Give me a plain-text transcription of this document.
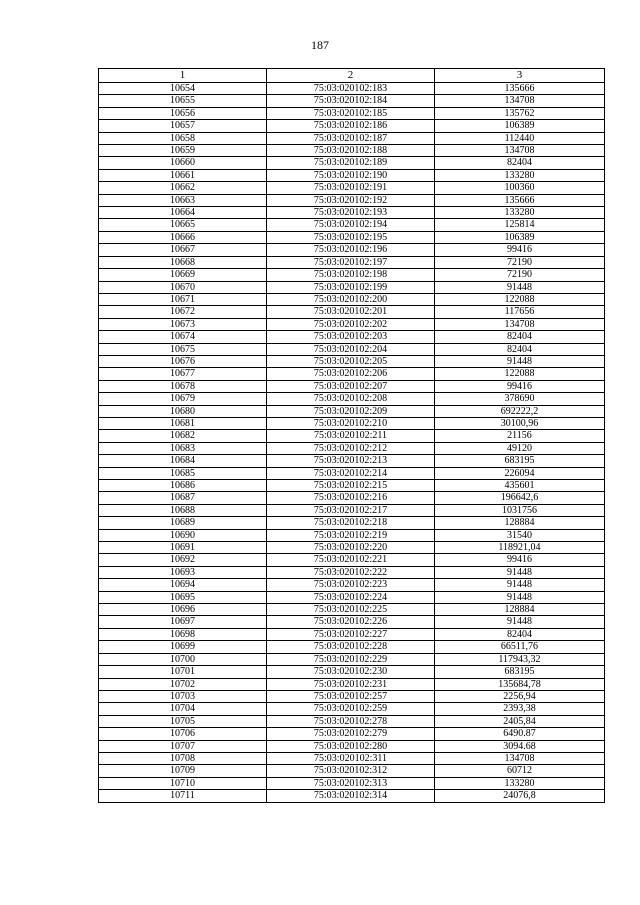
187
1	2	3
10654	75:03:020102:183	135666
10655	75:03:020102:184	134708
10656	75:03:020102:185	135762
10657	75:03:020102:186	106389
10658	75:03:020102:187	112440
10659	75:03:020102:188	134708
10660	75:03:020102:189	82404
10661	75:03:020102:190	133280
10662	75:03:020102:191	100360
10663	75:03:020102:192	135666
10664	75:03:020102:193	133280
10665	75:03:020102:194	125814
10666	75:03:020102:195	106389
10667	75:03:020102:196	99416
10668	75:03:020102:197	72190
10669	75:03:020102:198	72190
10670	75:03:020102:199	91448
10671	75:03:020102:200	122088
10672	75:03:020102:201	117656
10673	75:03:020102:202	134708
10674	75:03:020102:203	82404
10675	75:03:020102:204	82404
10676	75:03:020102:205	91448
10677	75:03:020102:206	122088
10678	75:03:020102:207	99416
10679	75:03:020102:208	378690
10680	75:03:020102:209	692222,2
10681	75:03:020102:210	30100,96
10682	75:03:020102:211	21156
10683	75:03:020102:212	49120
10684	75:03:020102:213	683195
10685	75:03:020102:214	226094
10686	75:03:020102:215	435601
10687	75:03:020102:216	196642,6
10688	75:03:020102:217	1031756
10689	75:03:020102:218	128884
10690	75:03:020102:219	31540
10691	75:03:020102:220	118921,04
10692	75:03:020102:221	99416
10693	75:03:020102:222	91448
10694	75:03:020102:223	91448
10695	75:03:020102:224	91448
10696	75:03:020102:225	128884
10697	75:03:020102:226	91448
10698	75:03:020102:227	82404
10699	75:03:020102:228	66511,76
10700	75:03:020102:229	117943,32
10701	75:03:020102:230	683195
10702	75:03:020102:231	135684,78
10703	75:03:020102:257	2256,94
10704	75:03:020102:259	2393,38
10705	75:03:020102:278	2405,84
10706	75:03:020102:279	6490.87
10707	75:03:020102:280	3094.68
10708	75:03:020102:311	134708
10709	75:03:020102:312	60712
10710	75:03:020102:313	133280
10711	75:03:020102:314	24076,8
